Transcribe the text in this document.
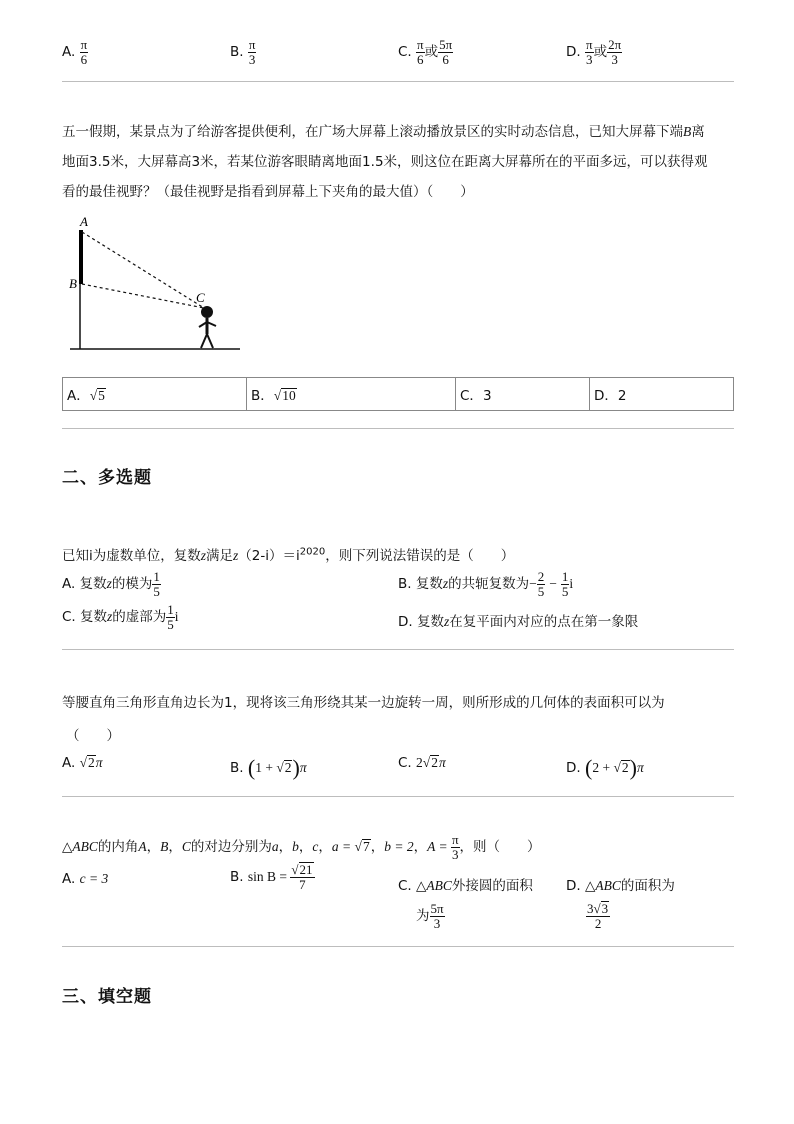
A. $\frac{\pi}{6}$	B. $\frac{\pi}{3}$	C. $\frac{\pi}{6}$ 或 $\frac{5\pi}{6}$	D. $\frac{\pi}{3}$ 或 $\frac{2\pi}{3}$
五一假期，某景点为了给游客提供便利，在广场大屏幕上滚动播放景区的实时动态信息，已知大屏幕下端B离
地面3.5米，大屏幕高3米，若某位游客眼睛离地面1.5米，则这位在距离大屏幕所在的平面多远，可以获得观
看的最佳视野？（最佳视野是指看到屏幕上下夹角的最大值）（　　）
A
B
C
A．√5	B．√10	C．3	D．2
二、多选题
已知i为虚数单位，复数z满足$z(2-i)=i^{2020}$，则下列说法错误的是（　　）
A. 复数z的模为 $\frac{1}{5}$	B. 复数z的共轭复数为− $\frac{2}{5} - \frac{1}{5}$ i
C. 复数z的虚部为 $\frac{1}{5}$ i	D. 复数z在复平面内对应的点在第一象限
等腰直角三角形直角边长为1，现将该三角形绕其某一边旋转一周，则所形成的几何体的表面积可以为
（　　）
A. √2π	B. (1 + √2)π	C. 2√2π	D. (2 + √2)π
△ABC的内角A，B，C的对边分别为a，b，c，a = √7，b = 2，$A = \frac{\pi}{3}$ ，则（　　）
A. c = 3	B. $\sin B = \frac{√21}{7}$	C. △ABC外接圆的面积
为 $\frac{5\pi}{3}$
D. △ABC的面积为
$\frac{3√3}{2}$
三、填空题
